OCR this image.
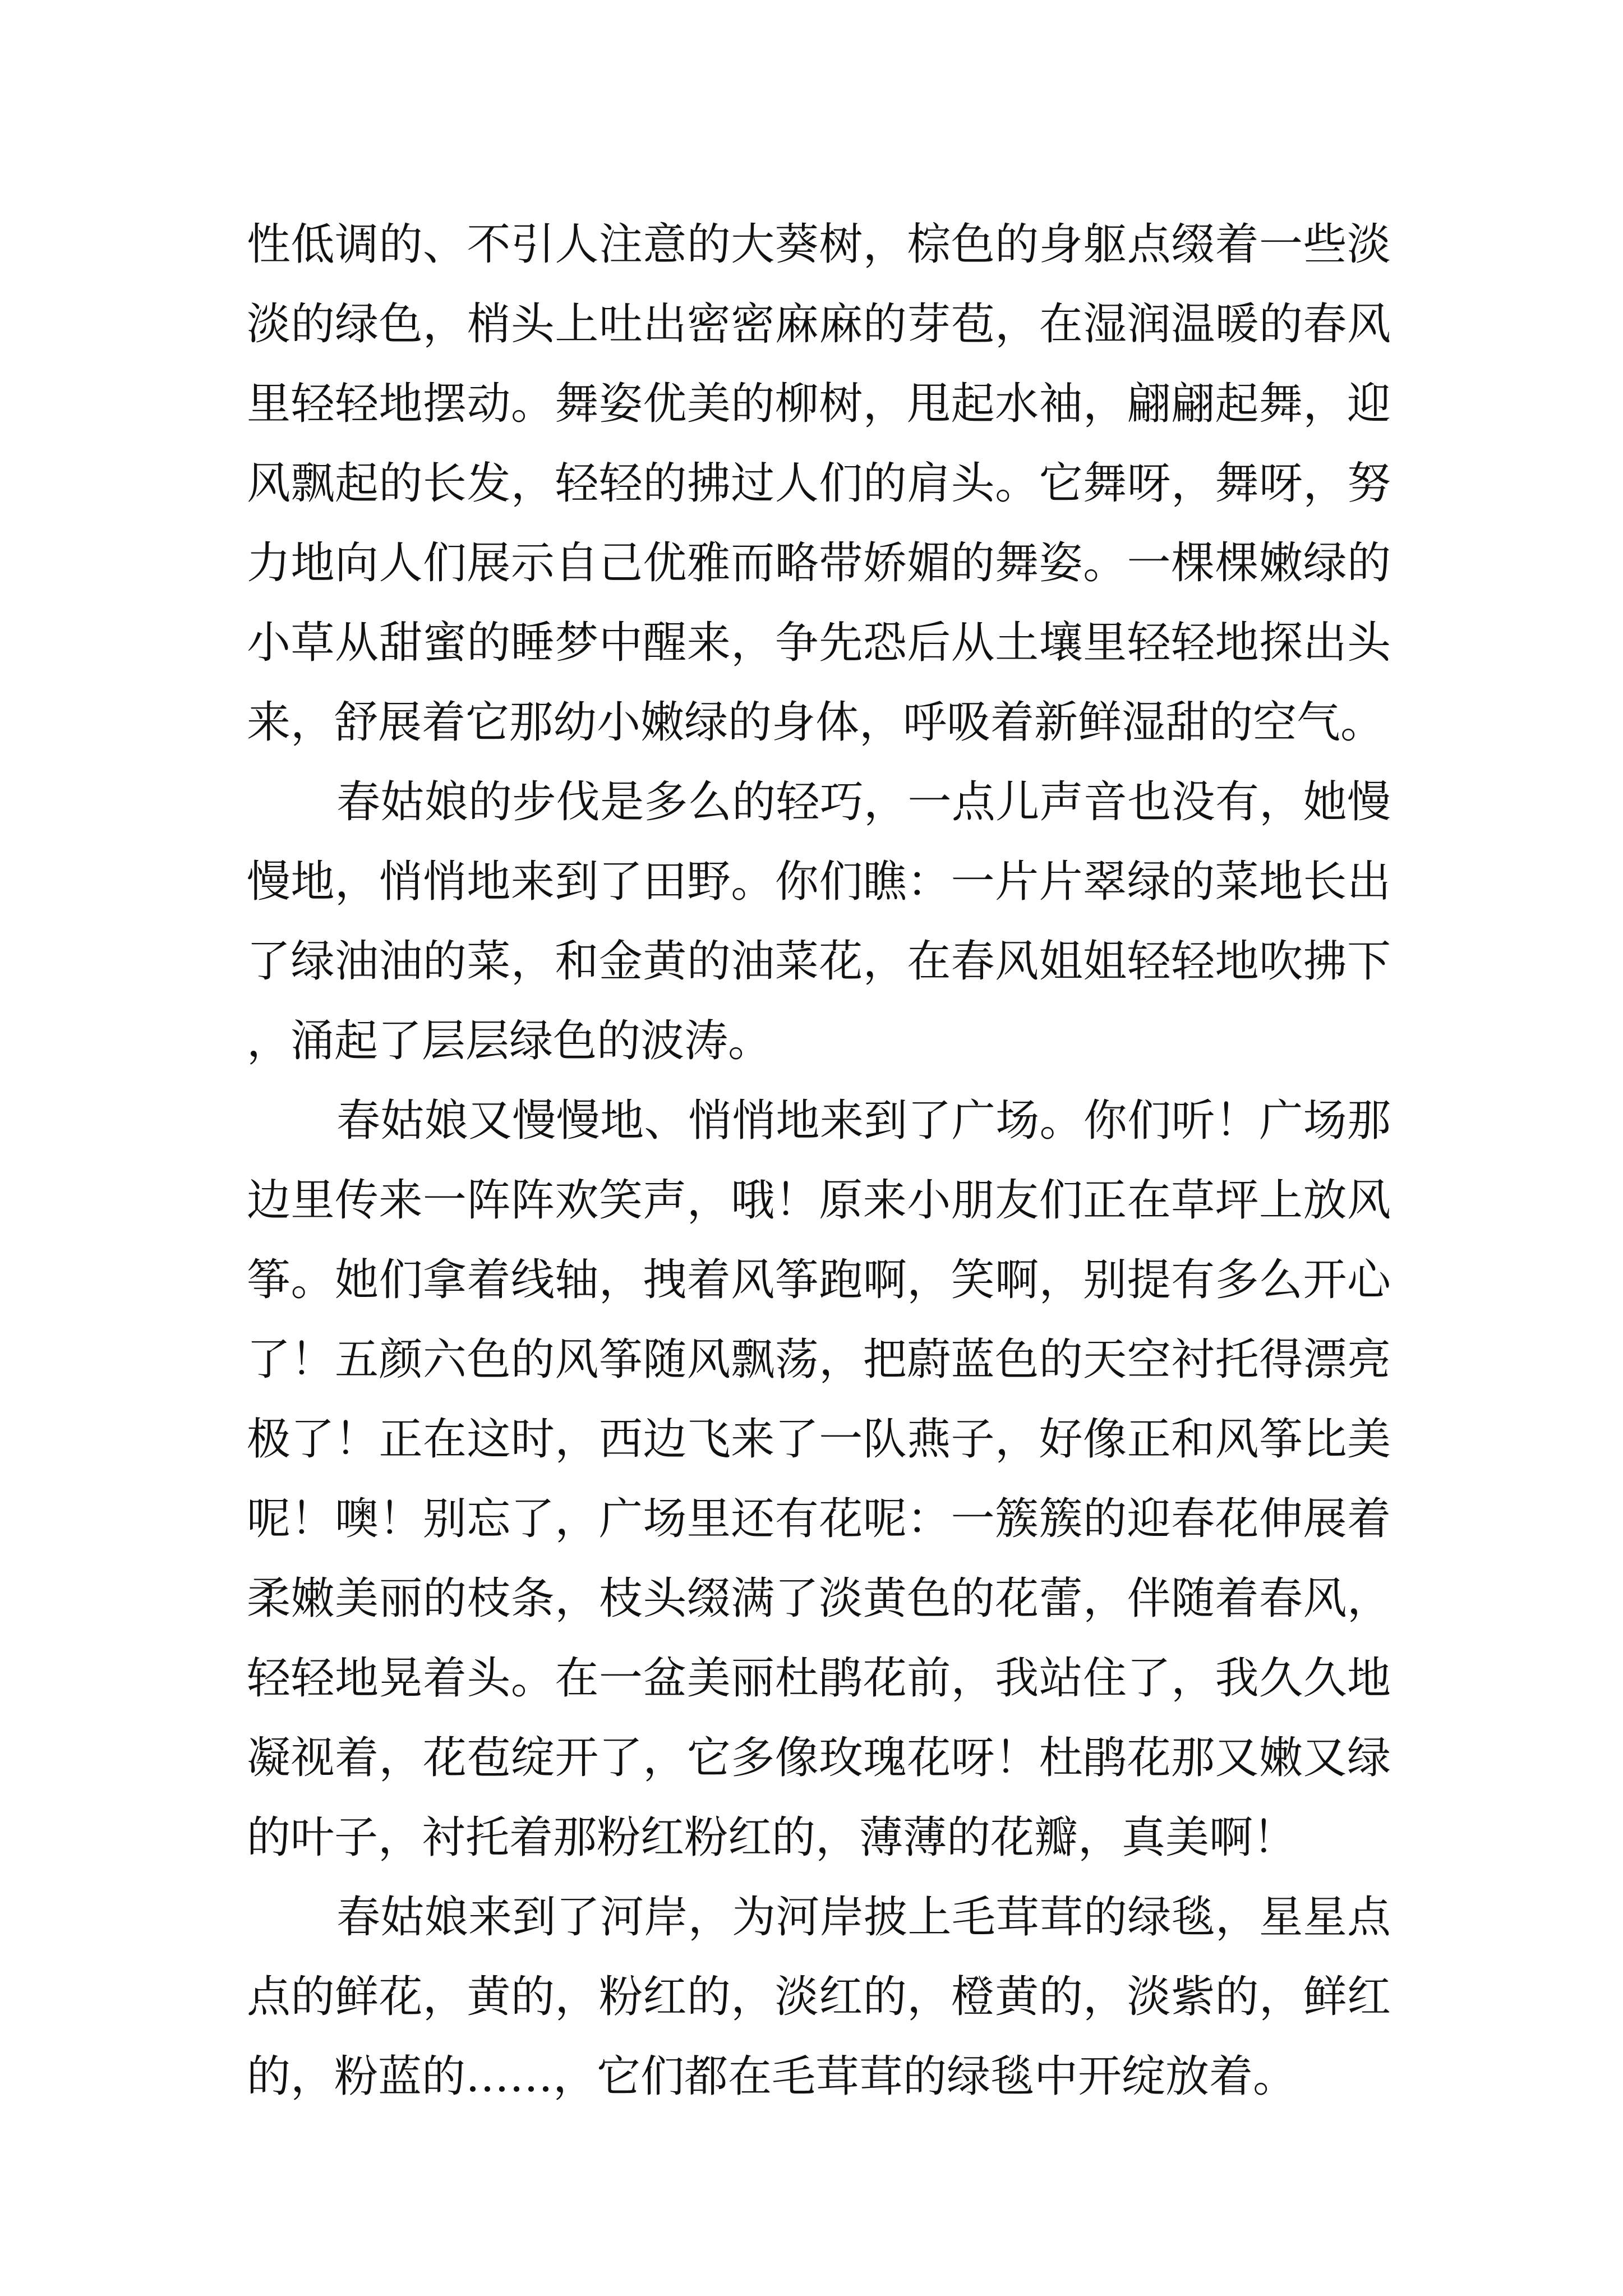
性低调的、不引人注意的大葵树，棕色的身躯点缀着一些淡淡的绿色，梢头上吐出密密麻麻的芽苞，在湿润温暖的春风里轻轻地摆动。舞姿优美的柳树，甩起水袖，翩翩起舞，迎风飘起的长发，轻轻的拂过人们的肩头。它舞呀，舞呀，努力地向人们展示自己优雅而略带娇媚的舞姿。一棵棵嫩绿的小草从甜蜜的睡梦中醒来，争先恐后从土壤里轻轻地探出头来，舒展着它那幼小嫩绿的身体，呼吸着新鲜湿甜的空气。

春姑娘的步伐是多么的轻巧，一点儿声音也没有，她慢慢地，悄悄地来到了田野。你们瞧：一片片翠绿的菜地长出了绿油油的菜，和金黄的油菜花，在春风姐姐轻轻地吹拂下，涌起了层层绿色的波涛。

春姑娘又慢慢地、悄悄地来到了广场。你们听！广场那边里传来一阵阵欢笑声，哦！原来小朋友们正在草坪上放风筝。她们拿着线轴，拽着风筝跑啊，笑啊，别提有多么开心了！五颜六色的风筝随风飘荡，把蔚蓝色的天空衬托得漂亮极了！正在这时，西边飞来了一队燕子，好像正和风筝比美呢！噢！别忘了，广场里还有花呢：一簇簇的迎春花伸展着柔嫩美丽的枝条，枝头缀满了淡黄色的花蕾，伴随着春风，轻轻地晃着头。在一盆美丽杜鹃花前，我站住了，我久久地凝视着，花苞绽开了，它多像玫瑰花呀！杜鹃花那又嫩又绿的叶子，衬托着那粉红粉红的，薄薄的花瓣，真美啊！

春姑娘来到了河岸，为河岸披上毛茸茸的绿毯，星星点点的鲜花，黄的，粉红的，淡红的，橙黄的，淡紫的，鲜红的，粉蓝的……，它们都在毛茸茸的绿毯中开绽放着。
